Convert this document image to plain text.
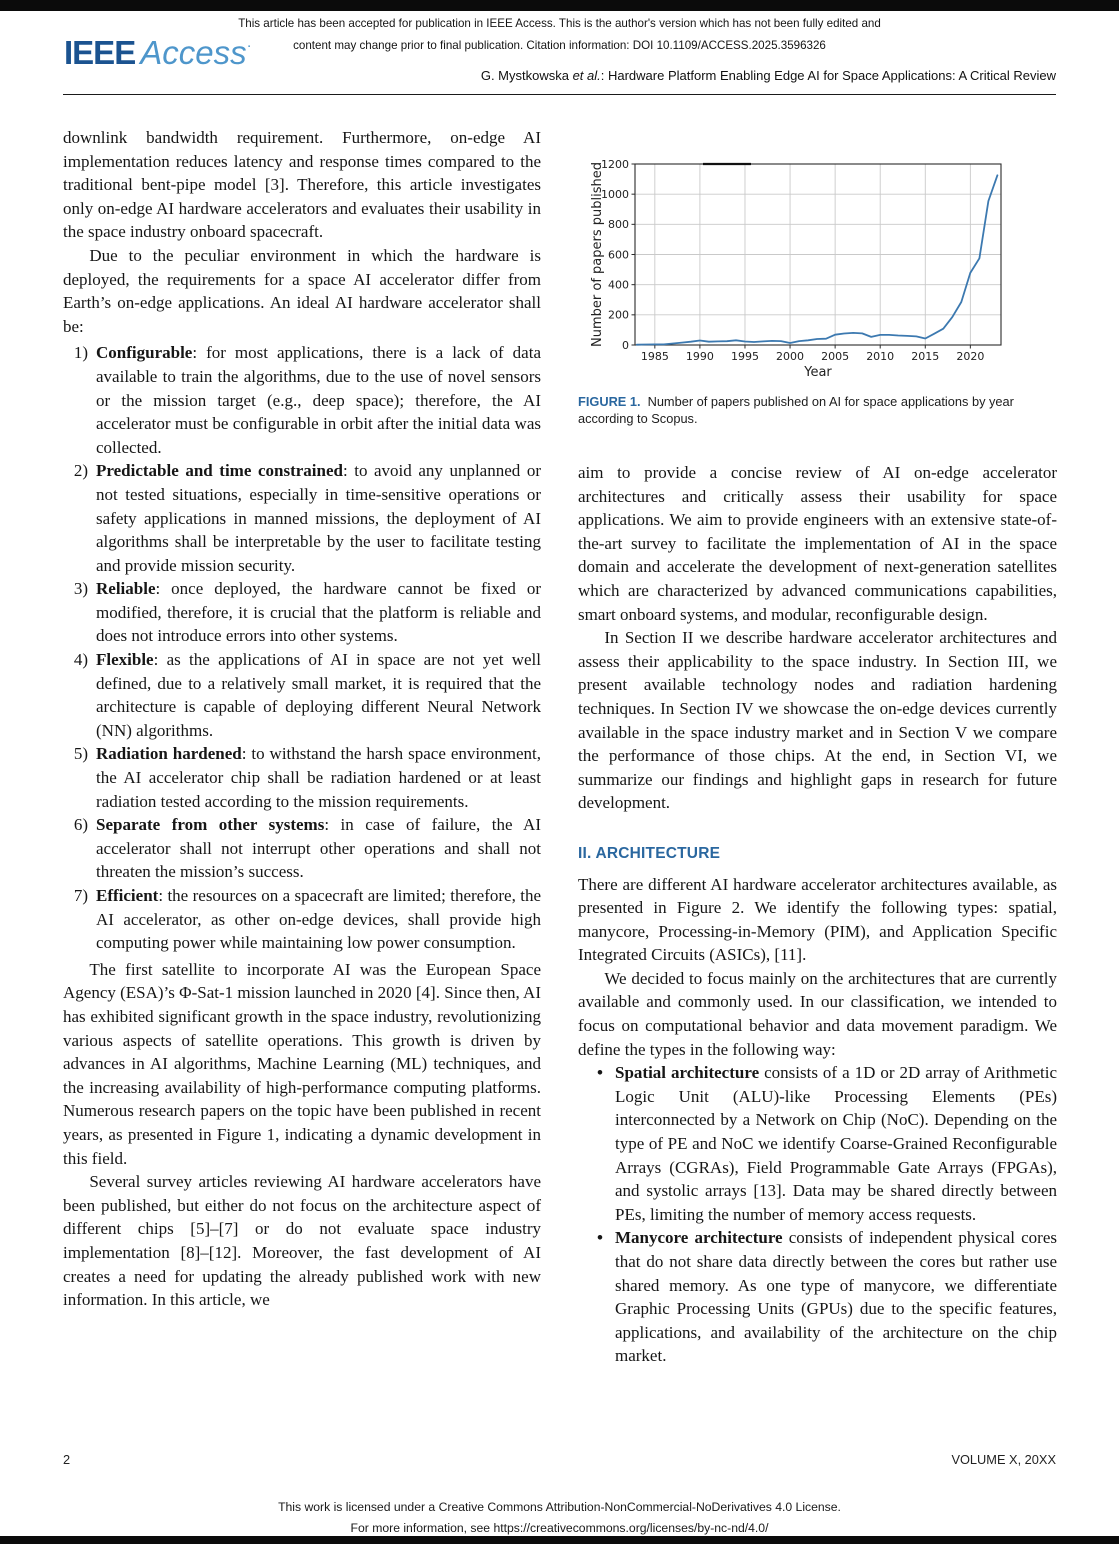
This article has been accepted for publication in IEEE Access. This is the author's version which has not been fully edited and
content may change prior to final publication. Citation information: DOI 10.1109/ACCESS.2025.3596326
IEEE Access·
G. Mystkowska et al.: Hardware Platform Enabling Edge AI for Space Applications: A Critical Review

downlink bandwidth requirement. Furthermore, on-edge AI implementation reduces latency and response times compared to the traditional bent-pipe model [3]. Therefore, this article investigates only on-edge AI hardware accelerators and evaluates their usability in the space industry onboard spacecraft.

Due to the peculiar environment in which the hardware is deployed, the requirements for a space AI accelerator differ from Earth’s on-edge applications. An ideal AI hardware accelerator shall be:

1) Configurable: for most applications, there is a lack of data available to train the algorithms, due to the use of novel sensors or the mission target (e.g., deep space); therefore, the AI accelerator must be configurable in orbit after the initial data was collected.
2) Predictable and time constrained: to avoid any unplanned or not tested situations, especially in time-sensitive operations or safety applications in manned missions, the deployment of AI algorithms shall be interpretable by the user to facilitate testing and provide mission security.
3) Reliable: once deployed, the hardware cannot be fixed or modified, therefore, it is crucial that the platform is reliable and does not introduce errors into other systems.
4) Flexible: as the applications of AI in space are not yet well defined, due to a relatively small market, it is required that the architecture is capable of deploying different Neural Network (NN) algorithms.
5) Radiation hardened: to withstand the harsh space environment, the AI accelerator chip shall be radiation hardened or at least radiation tested according to the mission requirements.
6) Separate from other systems: in case of failure, the AI accelerator shall not interrupt other operations and shall not threaten the mission’s success.
7) Efficient: the resources on a spacecraft are limited; therefore, the AI accelerator, as other on-edge devices, shall provide high computing power while maintaining low power consumption.

The first satellite to incorporate AI was the European Space Agency (ESA)’s Φ-Sat-1 mission launched in 2020 [4]. Since then, AI has exhibited significant growth in the space industry, revolutionizing various aspects of satellite operations. This growth is driven by advances in AI algorithms, Machine Learning (ML) techniques, and the increasing availability of high-performance computing platforms. Numerous research papers on the topic have been published in recent years, as presented in Figure 1, indicating a dynamic development in this field.

Several survey articles reviewing AI hardware accelerators have been published, but either do not focus on the architecture aspect of different chips [5]–[7] or do not evaluate space industry implementation [8]–[12]. Moreover, the fast development of AI creates a need for updating the already published work with new information. In this article, we

1985 1990 1995 2000 2005 2010 2015 2020
0
200
400
600
800
1000
1200
Year
Number of papers published
FIGURE 1. Number of papers published on AI for space applications by year according to Scopus.

aim to provide a concise review of AI on-edge accelerator architectures and critically assess their usability for space applications. We aim to provide engineers with an extensive state-of-the-art survey to facilitate the implementation of AI in the space domain and accelerate the development of next-generation satellites which are characterized by advanced communications capabilities, smart onboard systems, and modular, reconfigurable design.

In Section II we describe hardware accelerator architectures and assess their applicability to the space industry. In Section III, we present available technology nodes and radiation hardening techniques. In Section IV we showcase the on-edge devices currently available in the space industry market and in Section V we compare the performance of those chips. At the end, in Section VI, we summarize our findings and highlight gaps in research for future development.

II. ARCHITECTURE

There are different AI hardware accelerator architectures available, as presented in Figure 2. We identify the following types: spatial, manycore, Processing-in-Memory (PIM), and Application Specific Integrated Circuits (ASICs), [11].

We decided to focus mainly on the architectures that are currently available and commonly used. In our classification, we intended to focus on computational behavior and data movement paradigm. We define the types in the following way:

• Spatial architecture consists of a 1D or 2D array of Arithmetic Logic Unit (ALU)-like Processing Elements (PEs) interconnected by a Network on Chip (NoC). Depending on the type of PE and NoC we identify Coarse-Grained Reconfigurable Arrays (CGRAs), Field Programmable Gate Arrays (FPGAs), and systolic arrays [13]. Data may be shared directly between PEs, limiting the number of memory access requests.
• Manycore architecture consists of independent physical cores that do not share data directly between the cores but rather use shared memory. As one type of manycore, we differentiate Graphic Processing Units (GPUs) due to the specific features, applications, and availability of the architecture on the chip market.
2	VOLUME X, 20XX
This work is licensed under a Creative Commons Attribution-NonCommercial-NoDerivatives 4.0 License.
For more information, see https://creativecommons.org/licenses/by-nc-nd/4.0/
